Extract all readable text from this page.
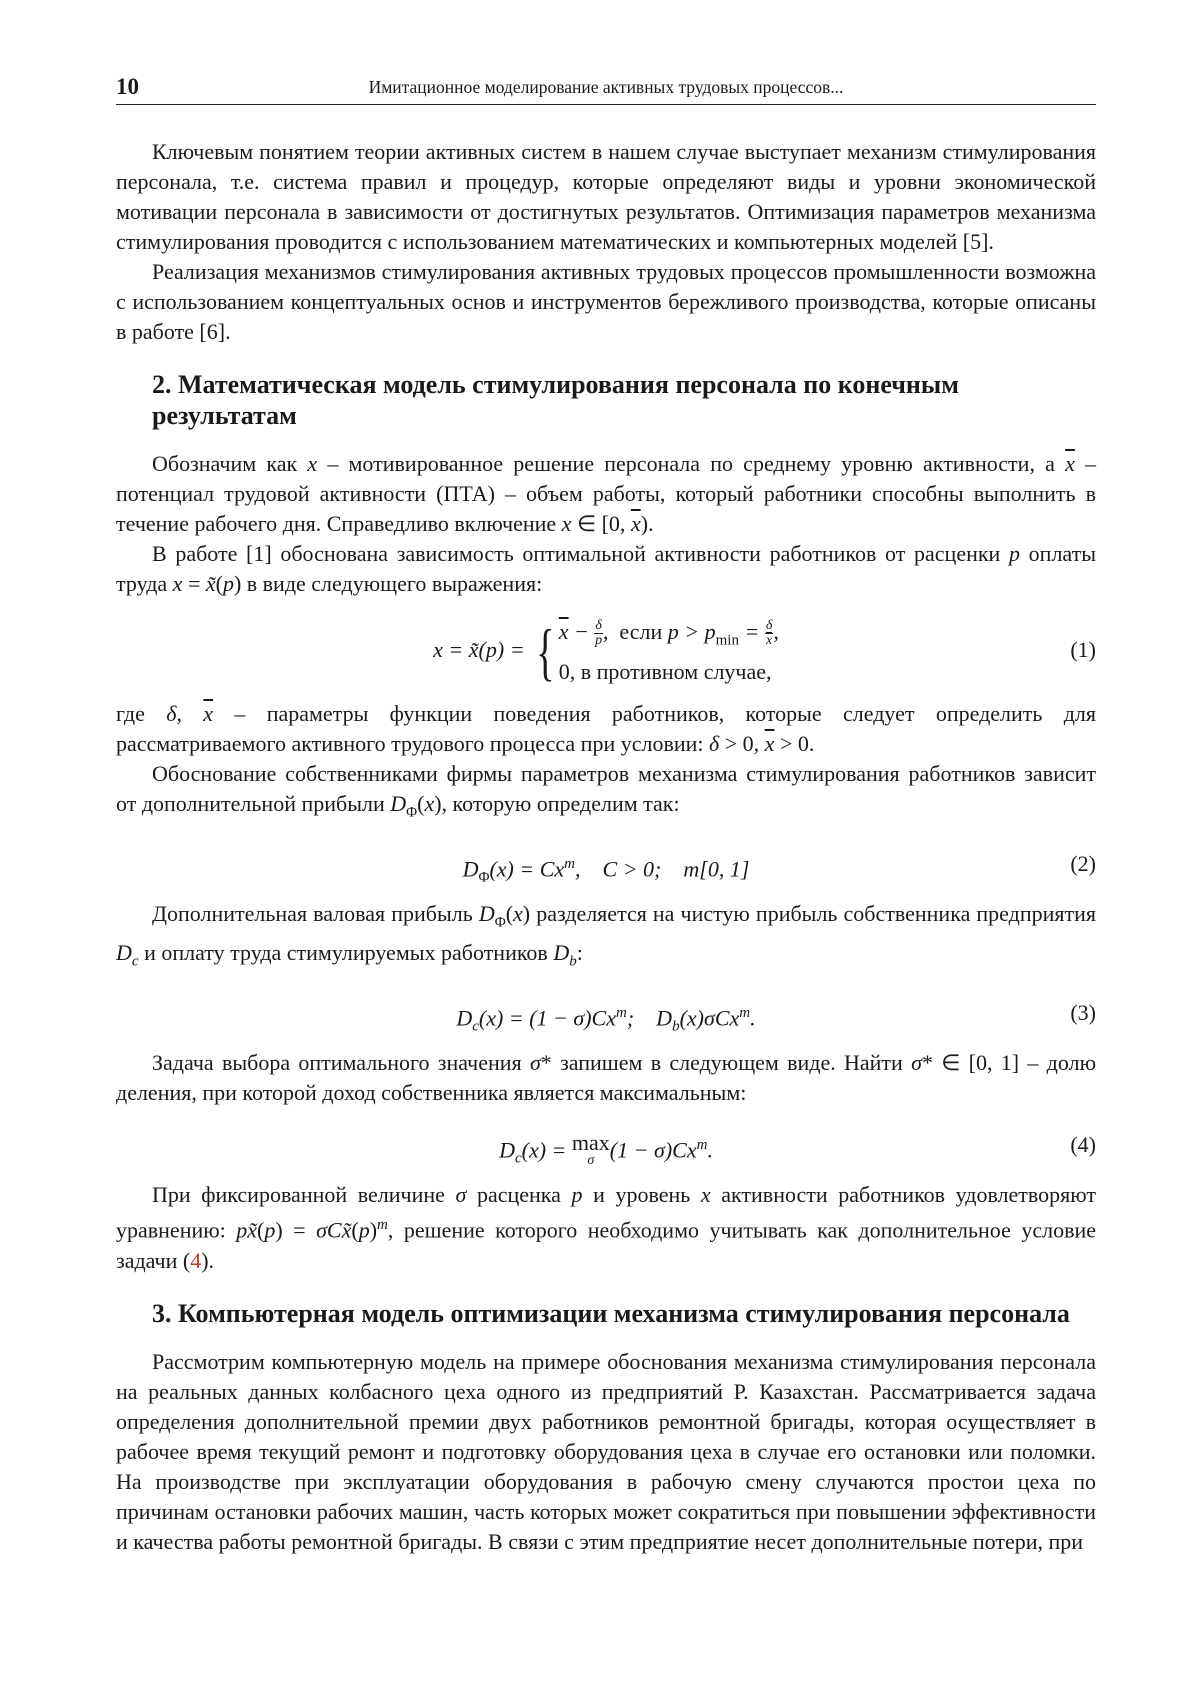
10	Имитационное моделирование активных трудовых процессов...

Ключевым понятием теории активных систем в нашем случае выступает механизм стимулирования персонала, т.е. система правил и процедур, которые определяют виды и уровни экономической мотивации персонала в зависимости от достигнутых результатов. Оптимизация параметров механизма стимулирования проводится с использованием математических и компьютерных моделей [5].

Реализация механизмов стимулирования активных трудовых процессов промышленности возможна с использованием концептуальных основ и инструментов бережливого производства, которые описаны в работе [6].

2. Математическая модель стимулирования персонала по конечным результатам

Обозначим как x – мотивированное решение персонала по среднему уровню активности, а x – потенциал трудовой активности (ПТА) – объем работы, который работники способны выполнить в течение рабочего дня. Справедливо включение x ∈ [0, x).

В работе [1] обоснована зависимость оптимальной активности работников от расценки p оплаты труда x = x̃(p) в виде следующего выражения:

x = x̃(p) = { x − δ
p ,  если p > pmin = δ
x ,
0, в противном случае,
(1)

где δ, x – параметры функции поведения работников, которые следует определить для рассматриваемого активного трудового процесса при условии: δ > 0, x > 0.

Обоснование собственниками фирмы параметров механизма стимулирования работников зависит от дополнительной прибыли DΦ(x), которую определим так:

DΦ(x) = Cxm,    C > 0;    m[0, 1]	(2)

Дополнительная валовая прибыль DΦ(x) разделяется на чистую прибыль собственника предприятия Dc и оплату труда стимулируемых работников Db:

Dc(x) = (1 − σ)Cxm;    Db(x)σCxm.	(3)

Задача выбора оптимального значения σ* запишем в следующем виде. Найти σ* ∈ [0, 1] – долю деления, при которой доход собственника является максимальным:

Dc(x) = max
σ (1 − σ)Cxm.	(4)

При фиксированной величине σ расценка p и уровень x активности работников удовлетворяют уравнению: px̃(p) = σCx̃(p)m, решение которого необходимо учитывать как дополнительное условие задачи (4).

3. Компьютерная модель оптимизации механизма стимулирования персонала

Рассмотрим компьютерную модель на примере обоснования механизма стимулирования персонала на реальных данных колбасного цеха одного из предприятий Р. Казахстан. Рассматривается задача определения дополнительной премии двух работников ремонтной бригады, которая осуществляет в рабочее время текущий ремонт и подготовку оборудования цеха в случае его остановки или поломки. На производстве при эксплуатации оборудования в рабочую смену случаются простои цеха по причинам остановки рабочих машин, часть которых может сократиться при повышении эффективности и качества работы ремонтной бригады. В связи с этим предприятие несет дополнительные потери, при
